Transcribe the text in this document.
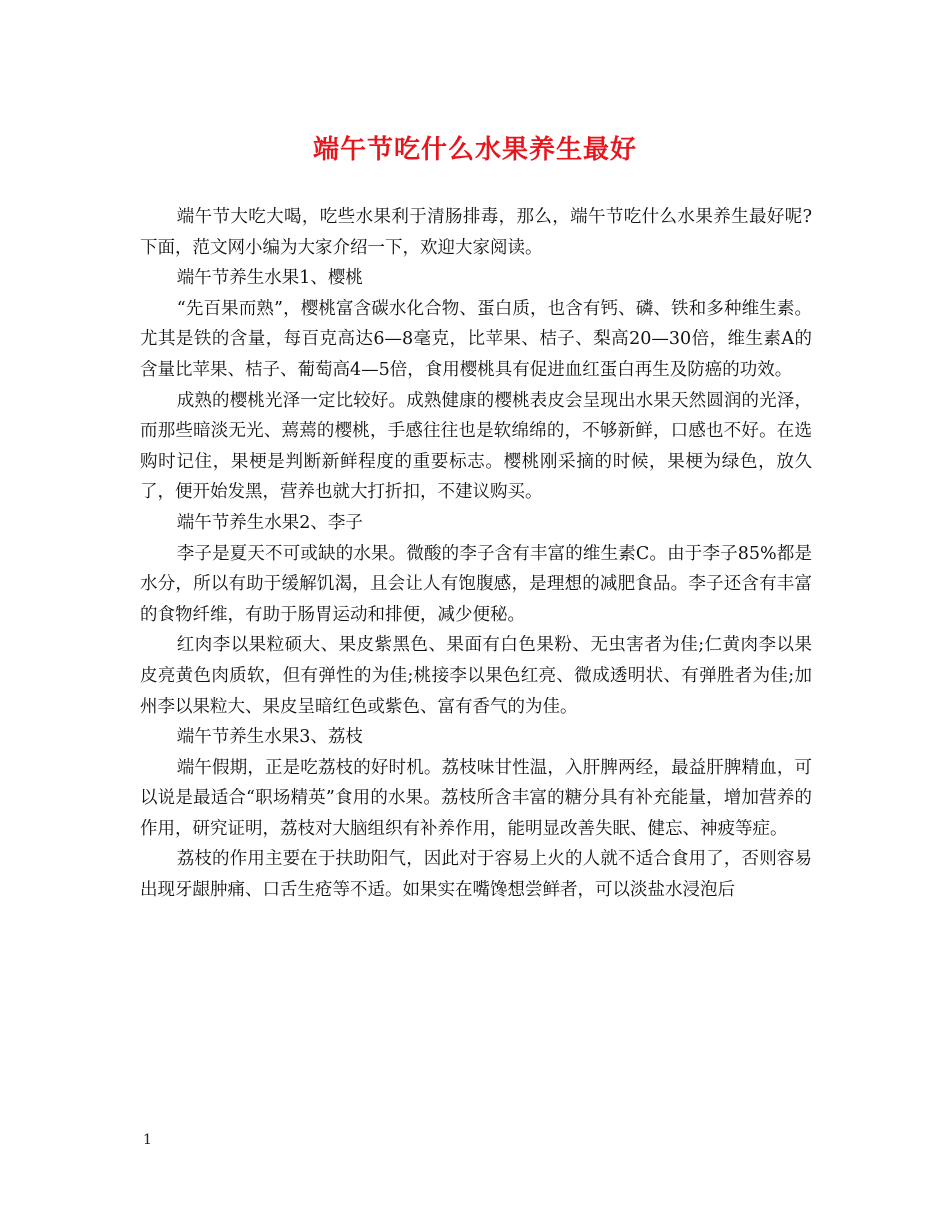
端午节吃什么水果养生最好

端午节大吃大喝，吃些水果利于清肠排毒，那么，端午节吃什么水果养生最好呢?下面，范文网小编为大家介绍一下，欢迎大家阅读。

端午节养生水果1、樱桃

“先百果而熟”，樱桃富含碳水化合物、蛋白质，也含有钙、磷、铁和多种维生素。尤其是铁的含量，每百克高达6—8毫克，比苹果、桔子、梨高20—30倍，维生素A的含量比苹果、桔子、葡萄高4—5倍，食用樱桃具有促进血红蛋白再生及防癌的功效。

成熟的樱桃光泽一定比较好。成熟健康的樱桃表皮会呈现出水果天然圆润的光泽，而那些暗淡无光、蔫蔫的樱桃，手感往往也是软绵绵的，不够新鲜，口感也不好。在选购时记住，果梗是判断新鲜程度的重要标志。樱桃刚采摘的时候，果梗为绿色，放久了，便开始发黑，营养也就大打折扣，不建议购买。

端午节养生水果2、李子

李子是夏天不可或缺的水果。微酸的李子含有丰富的维生素C。由于李子85%都是水分，所以有助于缓解饥渴，且会让人有饱腹感，是理想的减肥食品。李子还含有丰富的食物纤维，有助于肠胃运动和排便，减少便秘。

红肉李以果粒硕大、果皮紫黑色、果面有白色果粉、无虫害者为佳;仁黄肉李以果皮亮黄色肉质软，但有弹性的为佳;桃接李以果色红亮、微成透明状、有弹胜者为佳;加州李以果粒大、果皮呈暗红色或紫色、富有香气的为佳。

端午节养生水果3、荔枝

端午假期，正是吃荔枝的好时机。荔枝味甘性温，入肝脾两经，最益肝脾精血，可以说是最适合“职场精英”食用的水果。荔枝所含丰富的糖分具有补充能量，增加营养的作用，研究证明，荔枝对大脑组织有补养作用，能明显改善失眠、健忘、神疲等症。

荔枝的作用主要在于扶助阳气，因此对于容易上火的人就不适合食用了，否则容易出现牙龈肿痛、口舌生疮等不适。如果实在嘴馋想尝鲜者，可以淡盐水浸泡后

1
